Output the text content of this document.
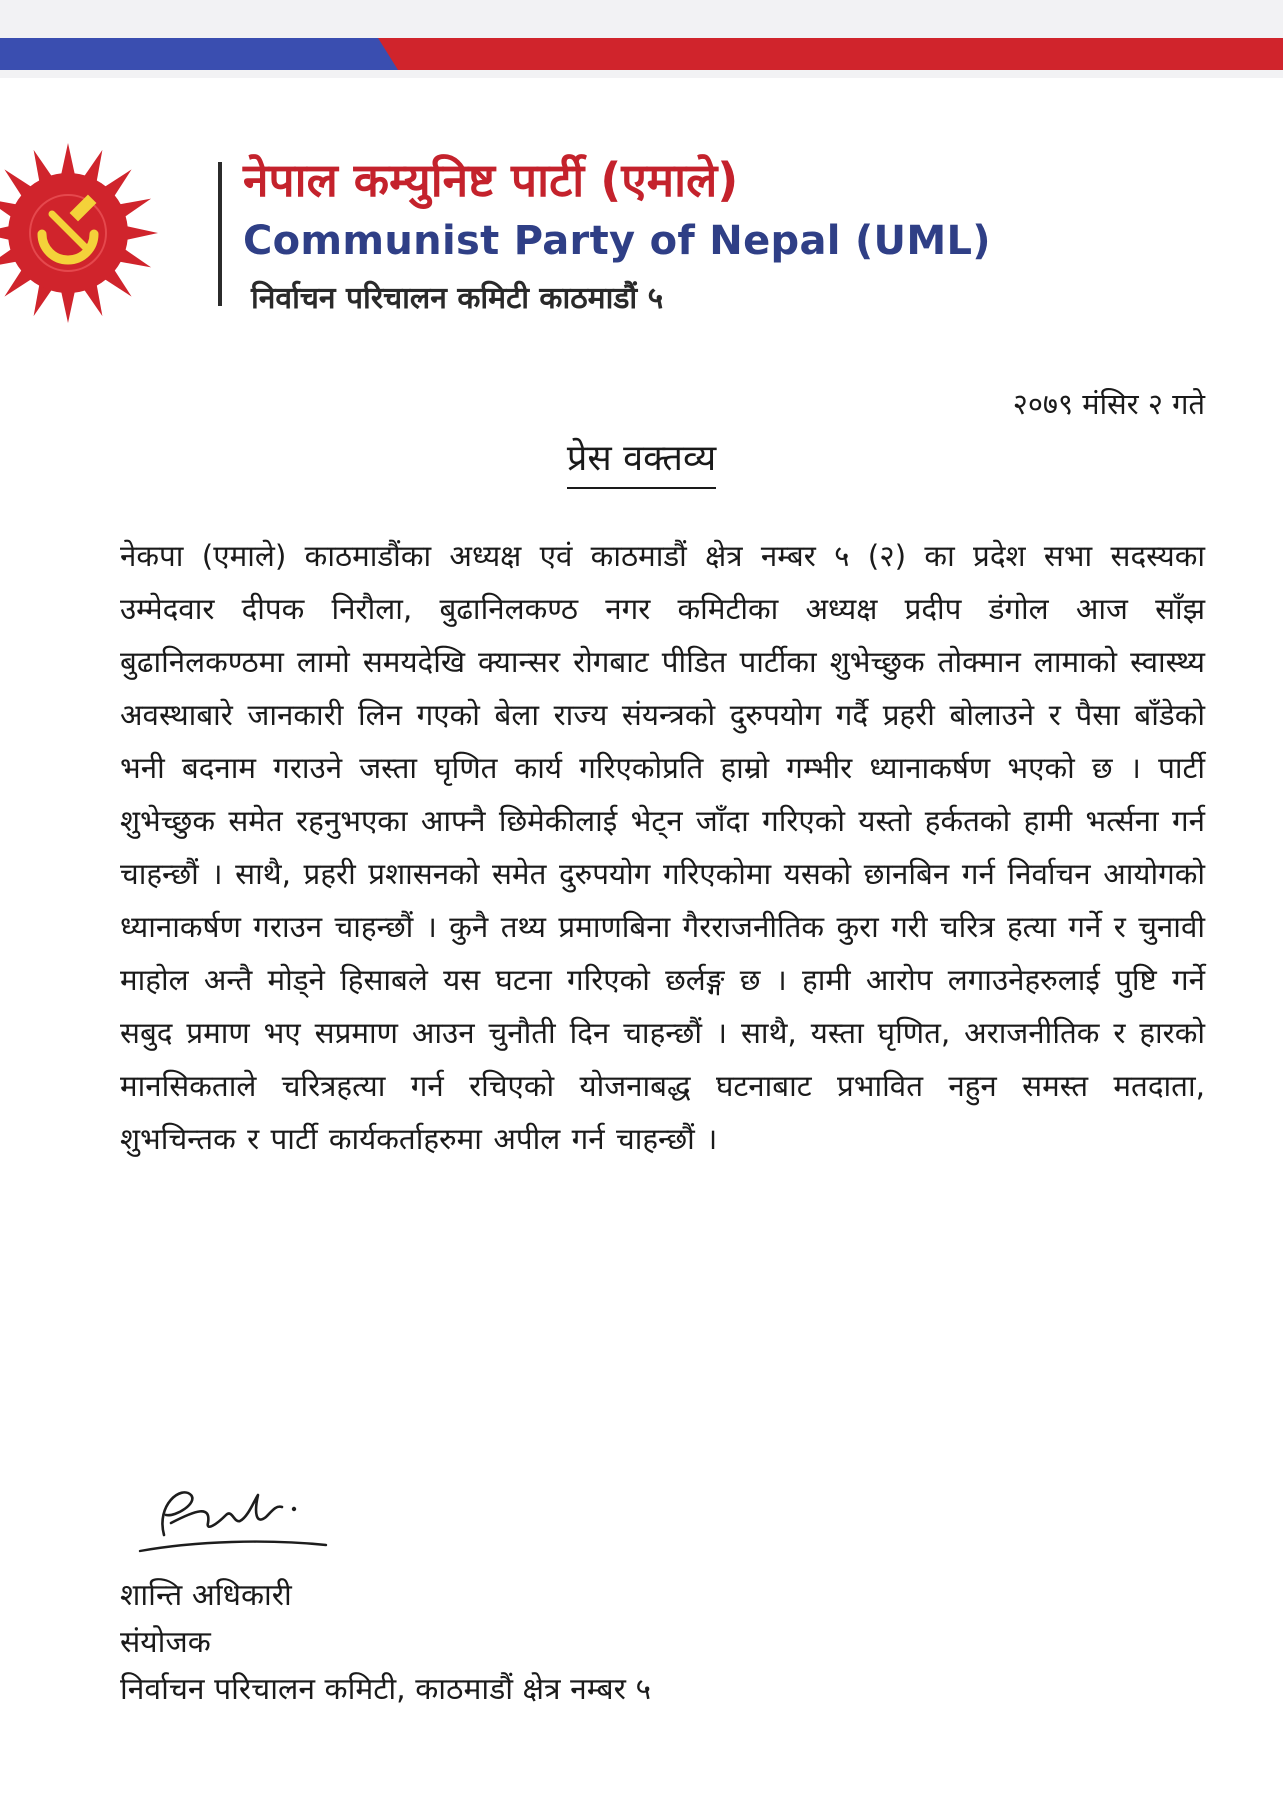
नेपाल कम्युनिष्ट पार्टी (एमाले)
Communist Party of Nepal (UML)
निर्वाचन परिचालन कमिटी काठमाडौं ५
२०७९ मंसिर २ गते
प्रेस वक्तव्य
नेकपा (एमाले) काठमाडौंका अध्यक्ष एवं काठमाडौं क्षेत्र नम्बर ५ (२) का प्रदेश सभा सदस्यका उम्मेदवार दीपक निरौला, बुढानिलकण्ठ नगर कमिटीका अध्यक्ष प्रदीप डंगोल आज साँझ बुढानिलकण्ठमा लामो समयदेखि क्यान्सर रोगबाट पीडित पार्टीका शुभेच्छुक तोक्मान लामाको स्वास्थ्य अवस्थाबारे जानकारी लिन गएको बेला राज्य संयन्त्रको दुरुपयोग गर्दै प्रहरी बोलाउने र पैसा बाँडेको भनी बदनाम गराउने जस्ता घृणित कार्य गरिएकोप्रति हाम्रो गम्भीर ध्यानाकर्षण भएको छ । पार्टी शुभेच्छुक समेत रहनुभएका आफ्नै छिमेकीलाई भेट्न जाँदा गरिएको यस्तो हर्कतको हामी भर्त्सना गर्न चाहन्छौं । साथै, प्रहरी प्रशासनको समेत दुरुपयोग गरिएकोमा यसको छानबिन गर्न निर्वाचन आयोगको ध्यानाकर्षण गराउन चाहन्छौं । कुनै तथ्य प्रमाणबिना गैरराजनीतिक कुरा गरी चरित्र हत्या गर्ने र चुनावी माहोल अन्तै मोड्ने हिसाबले यस घटना गरिएको छर्लङ्ग छ । हामी आरोप लगाउनेहरुलाई पुष्टि गर्ने सबुद प्रमाण भए सप्रमाण आउन चुनौती दिन चाहन्छौं । साथै, यस्ता घृणित, अराजनीतिक र हारको मानसिकताले चरित्रहत्या गर्न रचिएको योजनाबद्ध घटनाबाट प्रभावित नहुन समस्त मतदाता, शुभचिन्तक र पार्टी कार्यकर्ताहरुमा अपील गर्न चाहन्छौं ।
शान्ति अधिकारी
संयोजक
निर्वाचन परिचालन कमिटी, काठमाडौं क्षेत्र नम्बर ५
